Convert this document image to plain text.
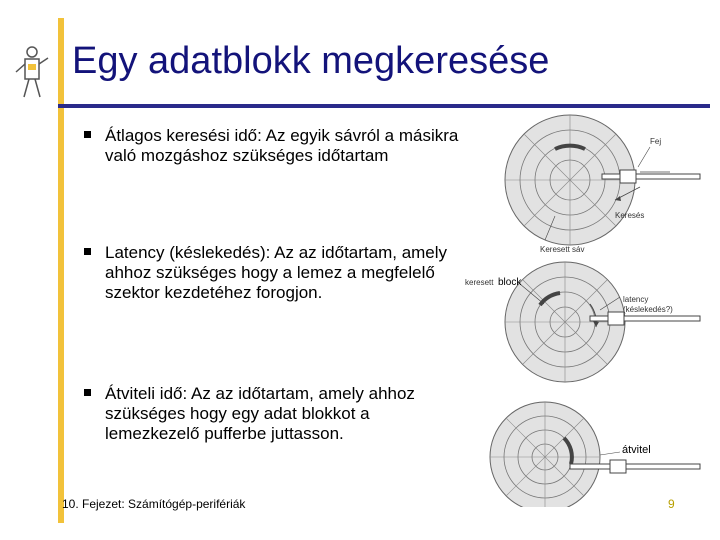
Egy adatblokk megkeresése
Átlagos keresési idő: Az egyik sávról a másikra való mozgáshoz szükséges időtartam
Latency (késlekedés): Az az időtartam, amely ahhoz szükséges hogy a lemez a megfelelő szektor kezdetéhez forogjon.
Átviteli idő: Az az időtartam, amely ahhoz szükséges hogy egy adat blokkot a lemezkezelő pufferbe juttasson.
Fej
Keresés
Keresett sáv
keresett block
latency
(késlekedés?)
átvitel
10. Fejezet: Számítógép-perifériák	9
